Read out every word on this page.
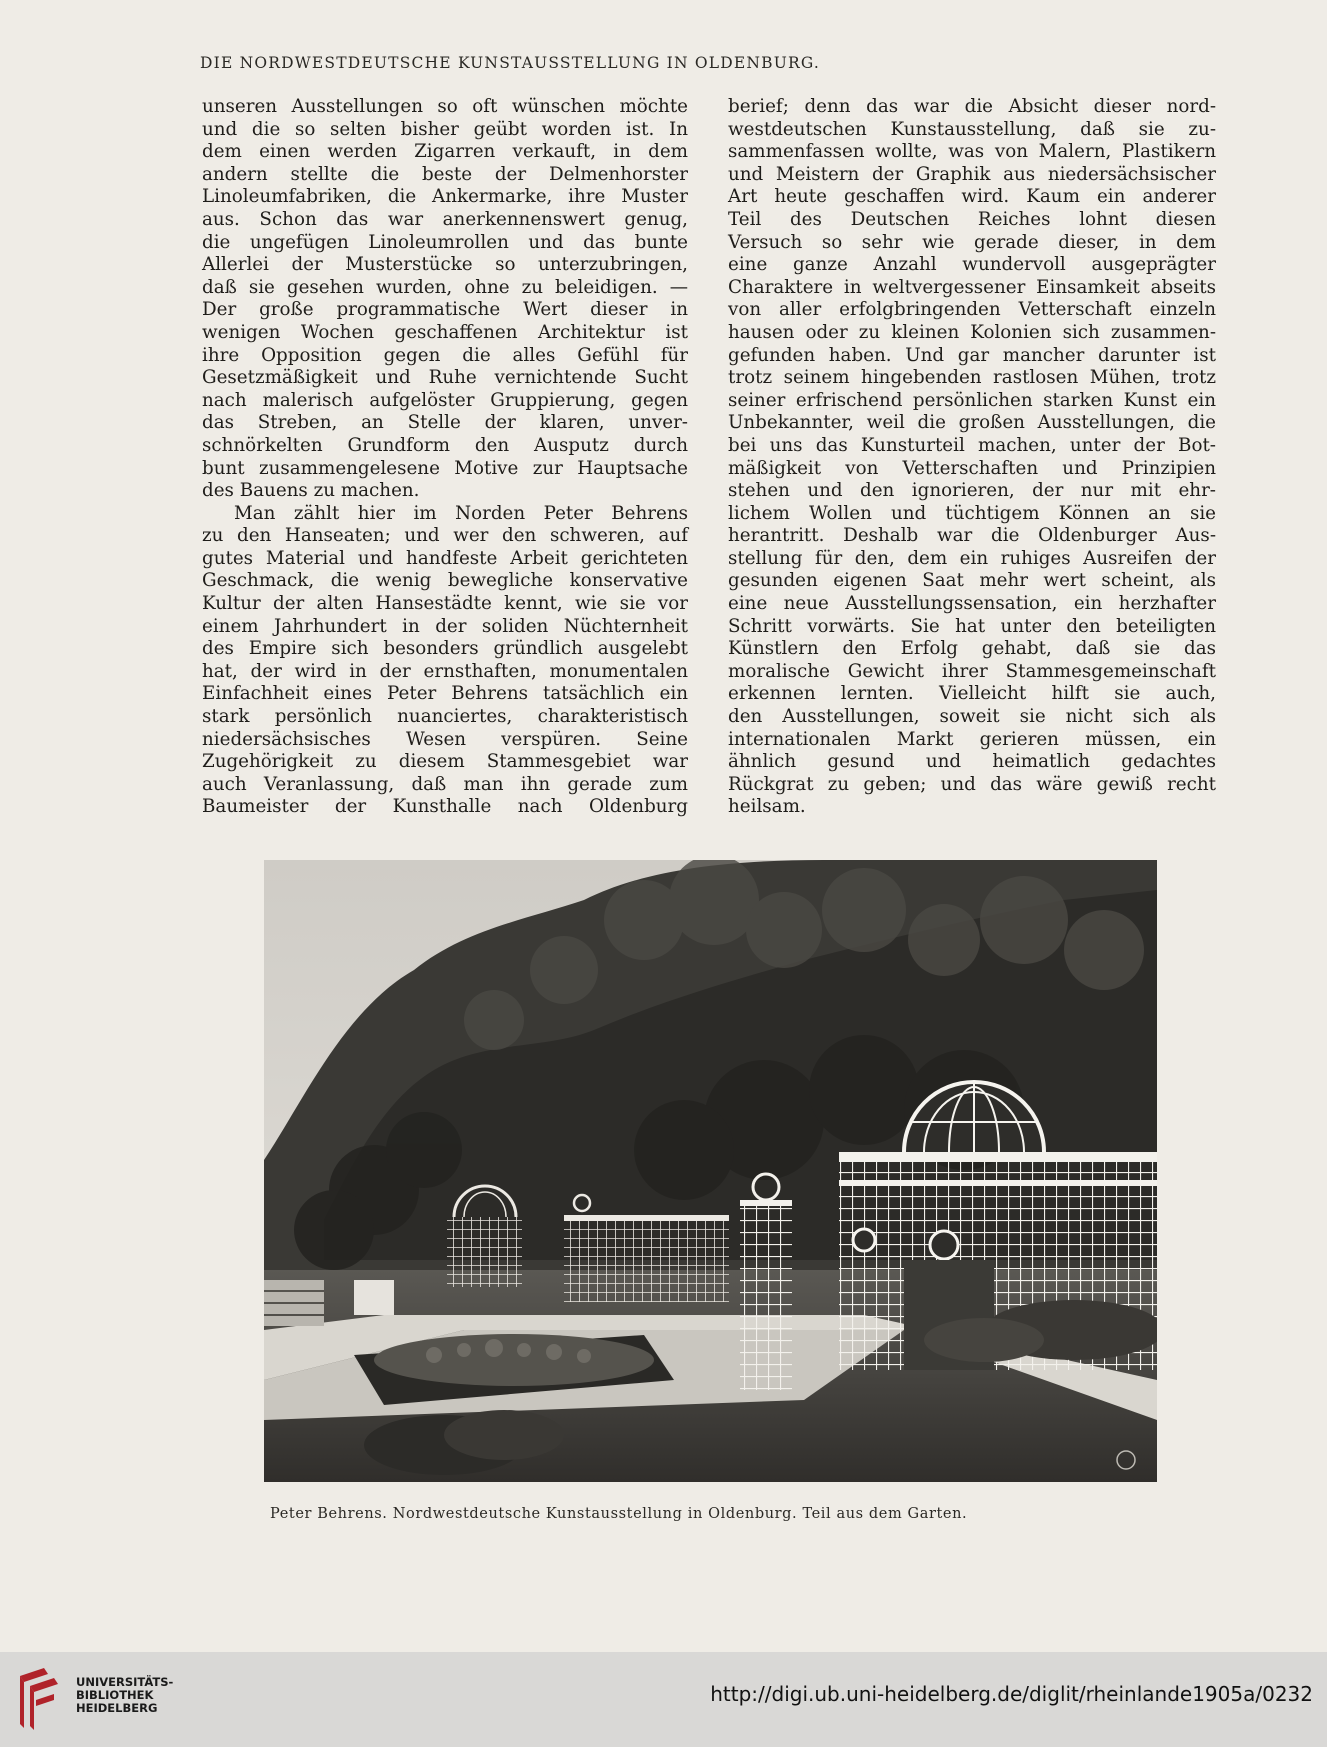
DIE NORDWESTDEUTSCHE KUNSTAUSSTELLUNG IN OLDENBURG.
unseren Ausstellungen so oft wünschen möchte
und die so selten bisher geübt worden ist. In
dem einen werden Zigarren verkauft, in dem
andern stellte die beste der Delmenhorster
Linoleumfabriken, die Ankermarke, ihre Muster
aus. Schon das war anerkennenswert genug,
die ungefügen Linoleumrollen und das bunte
Allerlei der Musterstücke so unterzubringen,
daß sie gesehen wurden, ohne zu beleidigen. —
Der große programmatische Wert dieser in
wenigen Wochen geschaffenen Architektur ist
ihre Opposition gegen die alles Gefühl für
Gesetzmäßigkeit und Ruhe vernichtende Sucht
nach malerisch aufgelöster Gruppierung, gegen
das Streben, an Stelle der klaren, unver-
schnörkelten Grundform den Ausputz durch
bunt zusammengelesene Motive zur Hauptsache
des Bauens zu machen.
Man zählt hier im Norden Peter Behrens
zu den Hanseaten; und wer den schweren, auf
gutes Material und handfeste Arbeit gerichteten
Geschmack, die wenig bewegliche konservative
Kultur der alten Hansestädte kennt, wie sie vor
einem Jahrhundert in der soliden Nüchternheit
des Empire sich besonders gründlich ausgelebt
hat, der wird in der ernsthaften, monumentalen
Einfachheit eines Peter Behrens tatsächlich ein
stark persönlich nuanciertes, charakteristisch
niedersächsisches Wesen verspüren. Seine
Zugehörigkeit zu diesem Stammesgebiet war
auch Veranlassung, daß man ihn gerade zum
Baumeister der Kunsthalle nach Oldenburg
berief; denn das war die Absicht dieser nord-
westdeutschen Kunstausstellung, daß sie zu-
sammenfassen wollte, was von Malern, Plastikern
und Meistern der Graphik aus niedersächsischer
Art heute geschaffen wird. Kaum ein anderer
Teil des Deutschen Reiches lohnt diesen
Versuch so sehr wie gerade dieser, in dem
eine ganze Anzahl wundervoll ausgeprägter
Charaktere in weltvergessener Einsamkeit abseits
von aller erfolgbringenden Vetterschaft einzeln
hausen oder zu kleinen Kolonien sich zusammen-
gefunden haben. Und gar mancher darunter ist
trotz seinem hingebenden rastlosen Mühen, trotz
seiner erfrischend persönlichen starken Kunst ein
Unbekannter, weil die großen Ausstellungen, die
bei uns das Kunsturteil machen, unter der Bot-
mäßigkeit von Vetterschaften und Prinzipien
stehen und den ignorieren, der nur mit ehr-
lichem Wollen und tüchtigem Können an sie
herantritt. Deshalb war die Oldenburger Aus-
stellung für den, dem ein ruhiges Ausreifen der
gesunden eigenen Saat mehr wert scheint, als
eine neue Ausstellungssensation, ein herzhafter
Schritt vorwärts. Sie hat unter den beteiligten
Künstlern den Erfolg gehabt, daß sie das
moralische Gewicht ihrer Stammesgemeinschaft
erkennen lernten. Vielleicht hilft sie auch,
den Ausstellungen, soweit sie nicht sich als
internationalen Markt gerieren müssen, ein
ähnlich gesund und heimatlich gedachtes
Rückgrat zu geben; und das wäre gewiß recht
heilsam.
Peter Behrens. Nordwestdeutsche Kunstausstellung in Oldenburg. Teil aus dem Garten.
UNIVERSITÄTS-
BIBLIOTHEK
HEIDELBERG
http://digi.ub.uni-heidelberg.de/diglit/rheinlande1905a/0232
